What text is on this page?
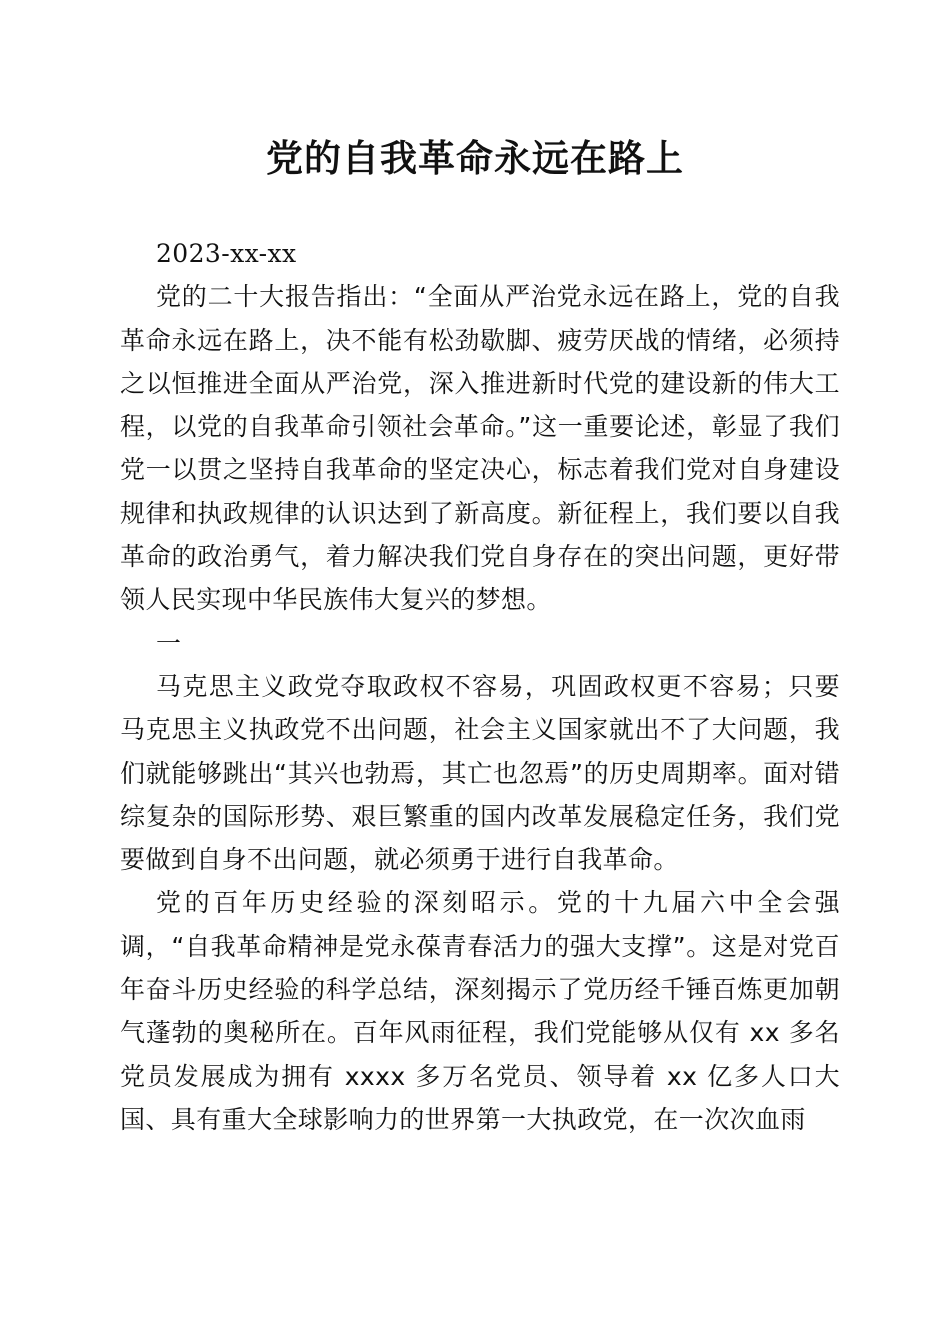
党的自我革命永远在路上

2023-xx-xx

党的二十大报告指出：“全面从严治党永远在路上，党的自我革命永远在路上，决不能有松劲歇脚、疲劳厌战的情绪，必须持之以恒推进全面从严治党，深入推进新时代党的建设新的伟大工程，以党的自我革命引领社会革命。”这一重要论述，彰显了我们党一以贯之坚持自我革命的坚定决心，标志着我们党对自身建设规律和执政规律的认识达到了新高度。新征程上，我们要以自我革命的政治勇气，着力解决我们党自身存在的突出问题，更好带领人民实现中华民族伟大复兴的梦想。

一

马克思主义政党夺取政权不容易，巩固政权更不容易；只要马克思主义执政党不出问题，社会主义国家就出不了大问题，我们就能够跳出“其兴也勃焉，其亡也忽焉”的历史周期率。面对错综复杂的国际形势、艰巨繁重的国内改革发展稳定任务，我们党要做到自身不出问题，就必须勇于进行自我革命。

党的百年历史经验的深刻昭示。党的十九届六中全会强调，“自我革命精神是党永葆青春活力的强大支撑”。这是对党百年奋斗历史经验的科学总结，深刻揭示了党历经千锤百炼更加朝气蓬勃的奥秘所在。百年风雨征程，我们党能够从仅有 xx 多名党员发展成为拥有 xxxx 多万名党员、领导着 xx 亿多人口大国、具有重大全球影响力的世界第一大执政党，在一次次血雨
